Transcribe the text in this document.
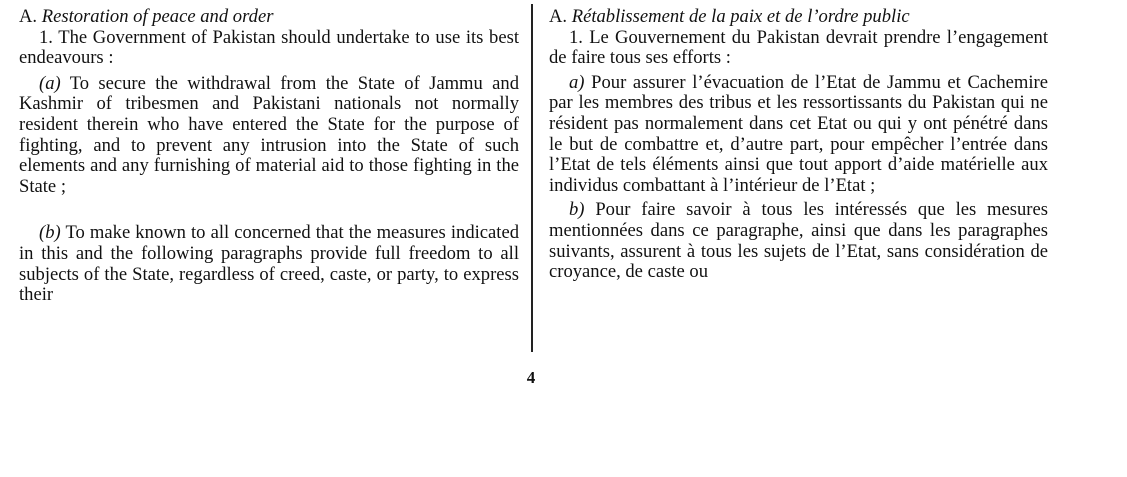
A. Restoration of peace and order

1. The Government of Pakistan should undertake to use its best endeavours :

(a) To secure the withdrawal from the State of Jammu and Kashmir of tribesmen and Pakistani nationals not normally resident therein who have entered the State for the purpose of fighting, and to prevent any intrusion into the State of such elements and any furnishing of material aid to those fighting in the State ;

(b) To make known to all concerned that the measures indicated in this and the following paragraphs provide full freedom to all subjects of the State, regardless of creed, caste, or party, to express their

A. Rétablissement de la paix et de l’ordre public

1. Le Gouvernement du Pakistan devrait prendre l’engagement de faire tous ses efforts :

a) Pour assurer l’évacuation de l’Etat de Jammu et Cachemire par les membres des tribus et les ressortissants du Pakistan qui ne résident pas normalement dans cet Etat ou qui y ont pénétré dans le but de combattre et, d’autre part, pour empêcher l’entrée dans l’Etat de tels éléments ainsi que tout apport d’aide matérielle aux individus combattant à l’intérieur de l’Etat ;

b) Pour faire savoir à tous les intéressés que les mesures mentionnées dans ce paragraphe, ainsi que dans les paragraphes suivants, assurent à tous les sujets de l’Etat, sans considération de croyance, de caste ou

4
